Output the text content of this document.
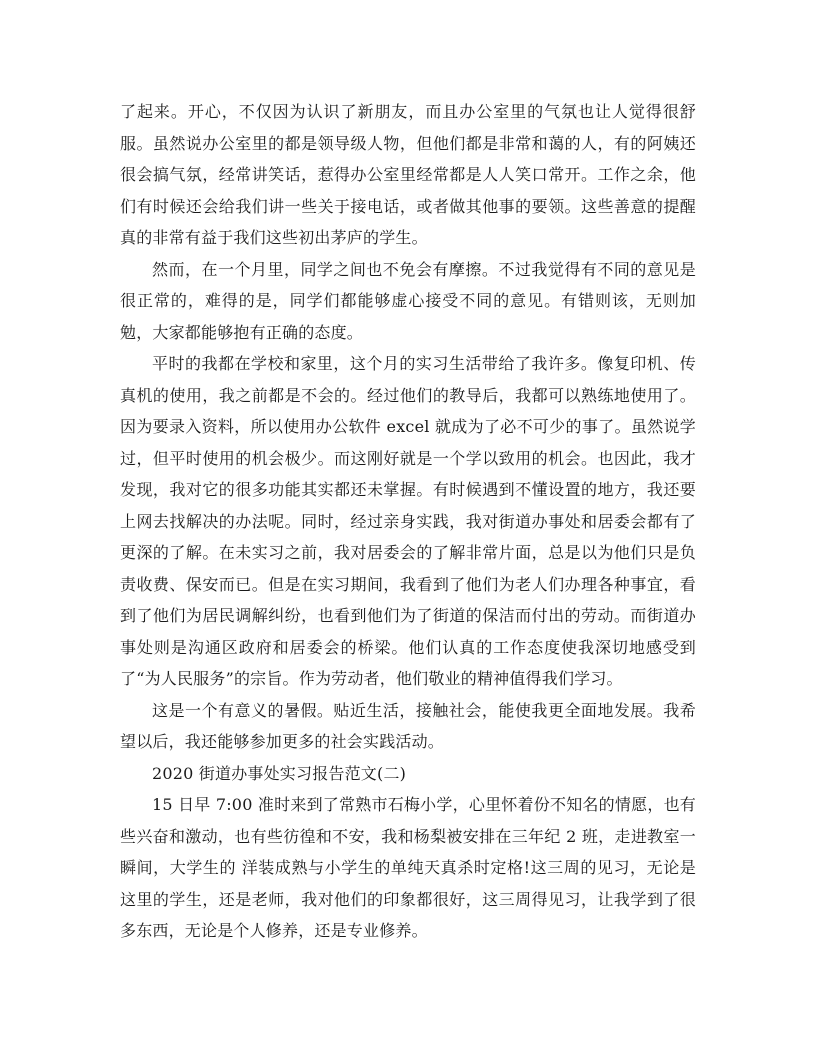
了起来。开心，不仅因为认识了新朋友，而且办公室里的气氛也让人觉得很舒服。虽然说办公室里的都是领导级人物，但他们都是非常和蔼的人，有的阿姨还很会搞气氛，经常讲笑话，惹得办公室里经常都是人人笑口常开。工作之余，他们有时候还会给我们讲一些关于接电话，或者做其他事的要领。这些善意的提醒真的非常有益于我们这些初出茅庐的学生。

然而，在一个月里，同学之间也不免会有摩擦。不过我觉得有不同的意见是很正常的，难得的是，同学们都能够虚心接受不同的意见。有错则该，无则加勉，大家都能够抱有正确的态度。

平时的我都在学校和家里，这个月的实习生活带给了我许多。像复印机、传真机的使用，我之前都是不会的。经过他们的教导后，我都可以熟练地使用了。因为要录入资料，所以使用办公软件 excel 就成为了必不可少的事了。虽然说学过，但平时使用的机会极少。而这刚好就是一个学以致用的机会。也因此，我才发现，我对它的很多功能其实都还未掌握。有时候遇到不懂设置的地方，我还要上网去找解决的办法呢。同时，经过亲身实践，我对街道办事处和居委会都有了更深的了解。在未实习之前，我对居委会的了解非常片面，总是以为他们只是负责收费、保安而已。但是在实习期间，我看到了他们为老人们办理各种事宜，看到了他们为居民调解纠纷，也看到他们为了街道的保洁而付出的劳动。而街道办事处则是沟通区政府和居委会的桥梁。他们认真的工作态度使我深切地感受到了“为人民服务”的宗旨。作为劳动者，他们敬业的精神值得我们学习。

这是一个有意义的暑假。贴近生活，接触社会，能使我更全面地发展。我希望以后，我还能够参加更多的社会实践活动。

2020 街道办事处实习报告范文(二)

15 日早 7:00 准时来到了常熟市石梅小学，心里怀着份不知名的情愿，也有些兴奋和激动，也有些彷徨和不安，我和杨梨被安排在三年纪 2 班，走进教室一瞬间，大学生的 洋装成熟与小学生的单纯天真杀时定格!这三周的见习，无论是这里的学生，还是老师，我对他们的印象都很好，这三周得见习，让我学到了很多东西，无论是个人修养，还是专业修养。
